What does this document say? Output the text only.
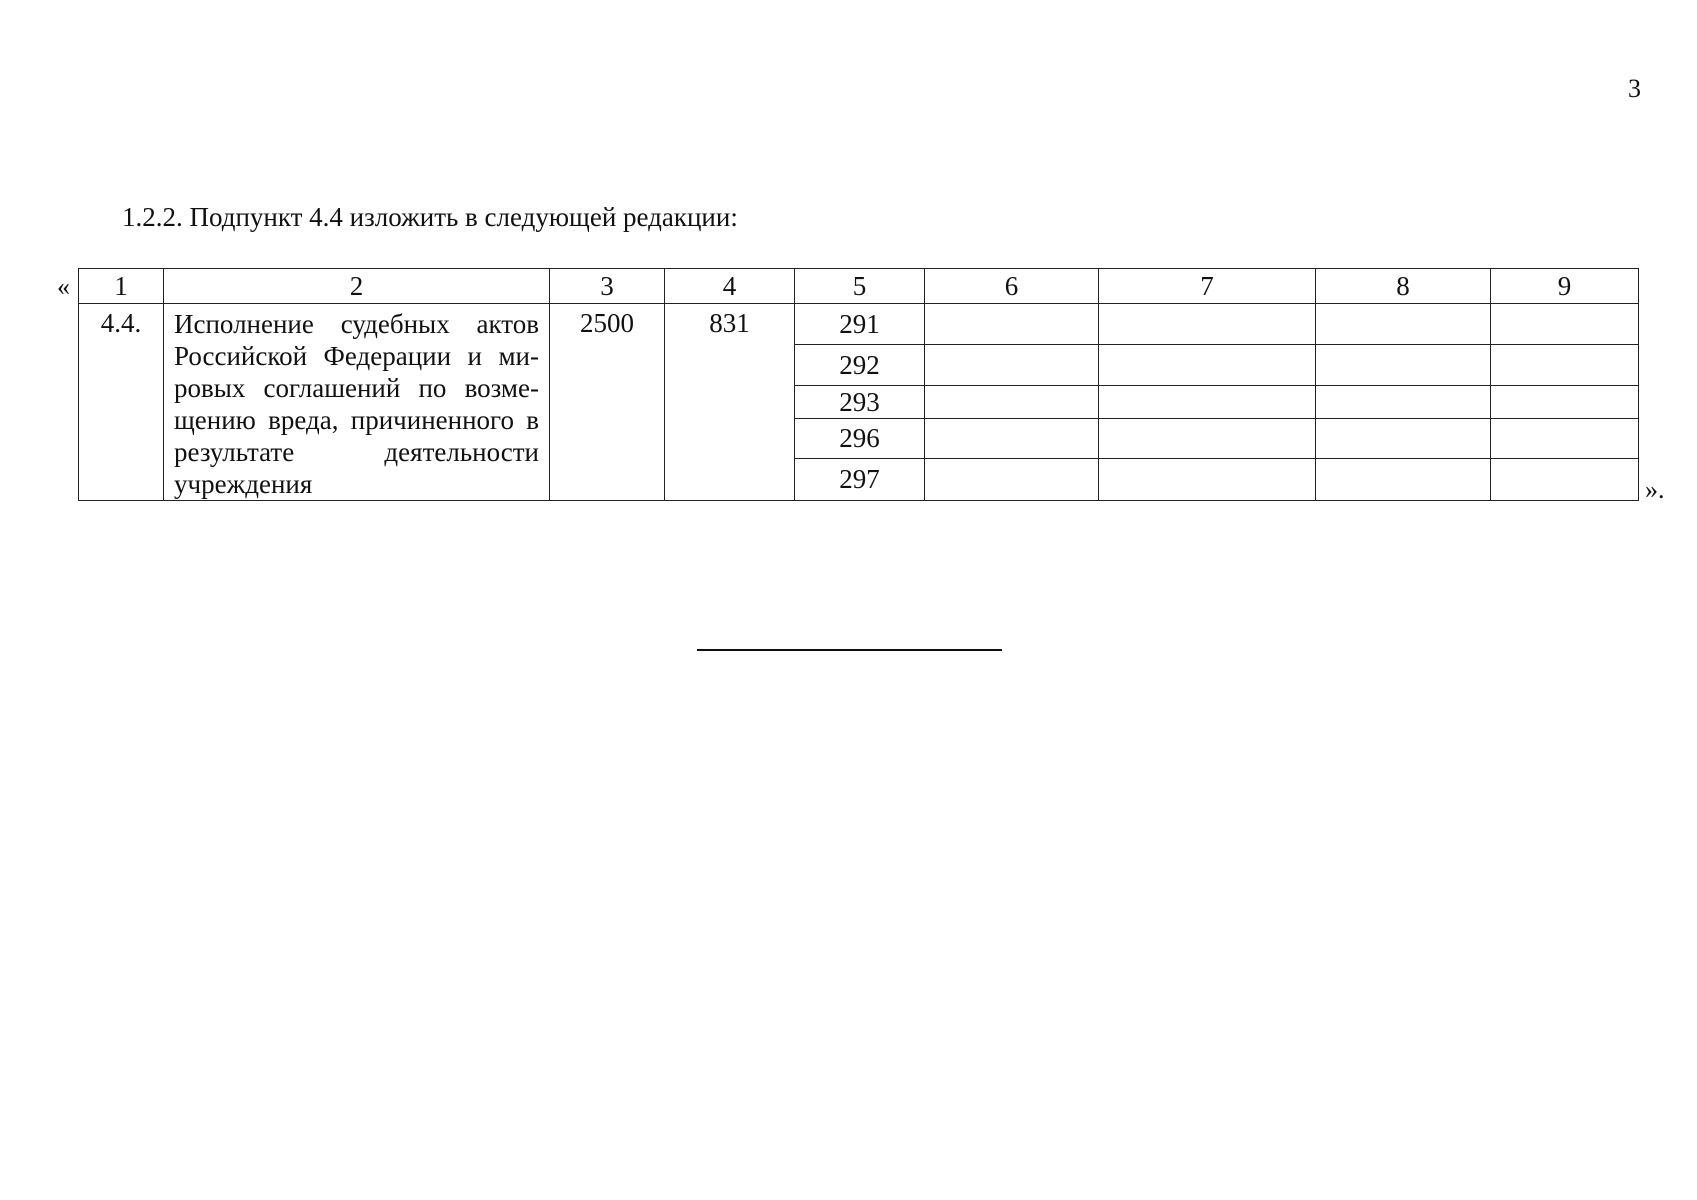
3
1.2.2. Подпункт 4.4 изложить в следующей редакции:
« 1	2	3	4	5	6	7	8	9
4.4.	Исполнение судебных актов Российской Федерации и мировых соглашений по возмещению вреда, причиненного в результате деятельности учреждения	2500	831	291				
				292				
				293				
				296				
				297					».
